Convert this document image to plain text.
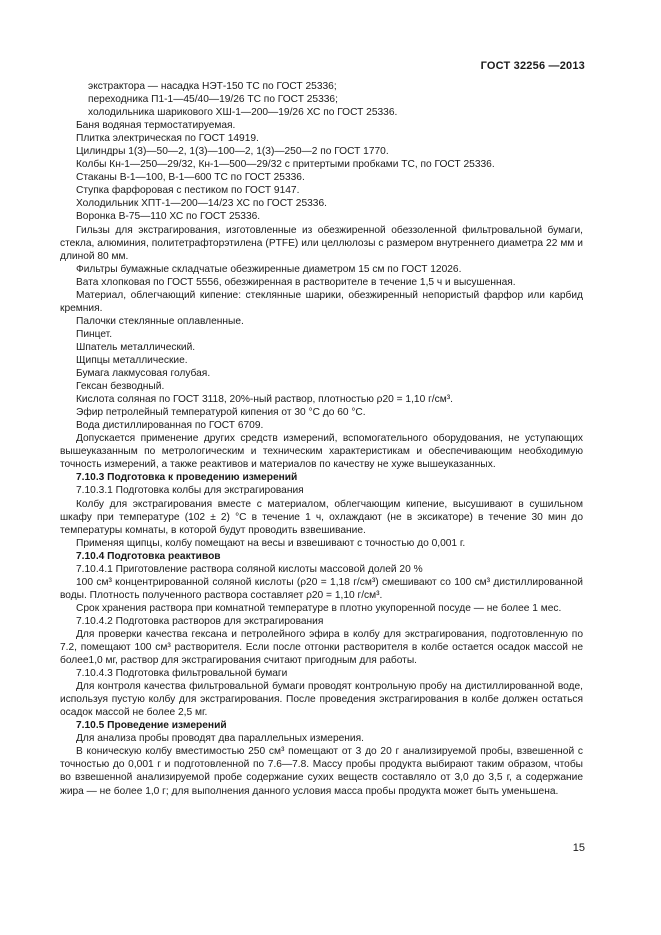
ГОСТ 32256 —2013

экстрактора — насадка НЭТ-150 ТС по ГОСТ 25336;

переходника П1-1—45/40—19/26 ТС по ГОСТ 25336;

холодильника шарикового ХШ-1—200—19/26 ХС по ГОСТ 25336.

Баня водяная термостатируемая.

Плитка электрическая по ГОСТ 14919.

Цилиндры 1(3)—50—2, 1(3)—100—2, 1(3)—250—2 по ГОСТ 1770.

Колбы Кн-1—250—29/32, Кн-1—500—29/32 с притертыми пробками ТС, по ГОСТ 25336.

Стаканы В-1—100, В-1—600 ТС по ГОСТ 25336.

Ступка фарфоровая с пестиком по ГОСТ 9147.

Холодильник ХПТ-1—200—14/23 ХС по ГОСТ 25336.

Воронка В-75—110 ХС по ГОСТ 25336.

Гильзы для экстрагирования, изготовленные из обезжиренной обеззоленной фильтровальной бумаги, стекла, алюминия, политетрафторэтилена (PTFE) или целлюлозы с размером внутреннего диаметра 22 мм и длиной 80 мм.

Фильтры бумажные складчатые обезжиренные диаметром 15 см по ГОСТ 12026.

Вата хлопковая по ГОСТ 5556, обезжиренная в растворителе в течение 1,5 ч и высушенная.

Материал, облегчающий кипение: стеклянные шарики, обезжиренный непористый фарфор или карбид кремния.

Палочки стеклянные оплавленные.

Пинцет.

Шпатель металлический.

Щипцы металлические.

Бумага лакмусовая голубая.

Гексан безводный.

Кислота соляная по ГОСТ 3118, 20%-ный раствор, плотностью ρ20 = 1,10 г/см³.

Эфир петролейный температурой кипения от 30 °С до 60 °С.

Вода дистиллированная по ГОСТ 6709.

Допускается применение других средств измерений, вспомогательного оборудования, не уступающих вышеуказанным по метрологическим и техническим характеристикам и обеспечивающим необходимую точность измерений, а также реактивов и материалов по качеству не хуже вышеуказанных.

7.10.3 Подготовка к проведению измерений

7.10.3.1 Подготовка колбы для экстрагирования

Колбу для экстрагирования вместе с материалом, облегчающим кипение, высушивают в сушильном шкафу при температуре (102 ± 2) °С в течение 1 ч, охлаждают (не в эксикаторе) в течение 30 мин до температуры комнаты, в которой будут проводить взвешивание.

Применяя щипцы, колбу помещают на весы и взвешивают с точностью до 0,001 г.

7.10.4 Подготовка реактивов

7.10.4.1 Приготовление раствора соляной кислоты массовой долей 20 %

100 см³ концентрированной соляной кислоты (ρ20 = 1,18 г/см³) смешивают со 100 см³ дистиллированной воды. Плотность полученного раствора составляет ρ20 = 1,10 г/см³.

Срок хранения раствора при комнатной температуре в плотно укупоренной посуде — не более 1 мес.

7.10.4.2 Подготовка растворов для экстрагирования

Для проверки качества гексана и петролейного эфира в колбу для экстрагирования, подготовленную по 7.2, помещают 100 см³ растворителя. Если после отгонки растворителя в колбе остается осадок массой не более1,0 мг, раствор для экстрагирования считают пригодным для работы.

7.10.4.3 Подготовка фильтровальной бумаги

Для контроля качества фильтровальной бумаги проводят контрольную пробу на дистиллированной воде, используя пустую колбу для экстрагирования. После проведения экстрагирования в колбе должен остаться осадок массой не более 2,5 мг.

7.10.5 Проведение измерений

Для анализа пробы проводят два параллельных измерения.

В коническую колбу вместимостью 250 см³ помещают от 3 до 20 г анализируемой пробы, взвешенной с точностью до 0,001 г и подготовленной по 7.6—7.8. Массу пробы продукта выбирают таким образом, чтобы во взвешенной анализируемой пробе содержание сухих веществ составляло от 3,0 до 3,5 г, а содержание жира — не более 1,0 г; для выполнения данного условия масса пробы продукта может быть уменьшена.

15
